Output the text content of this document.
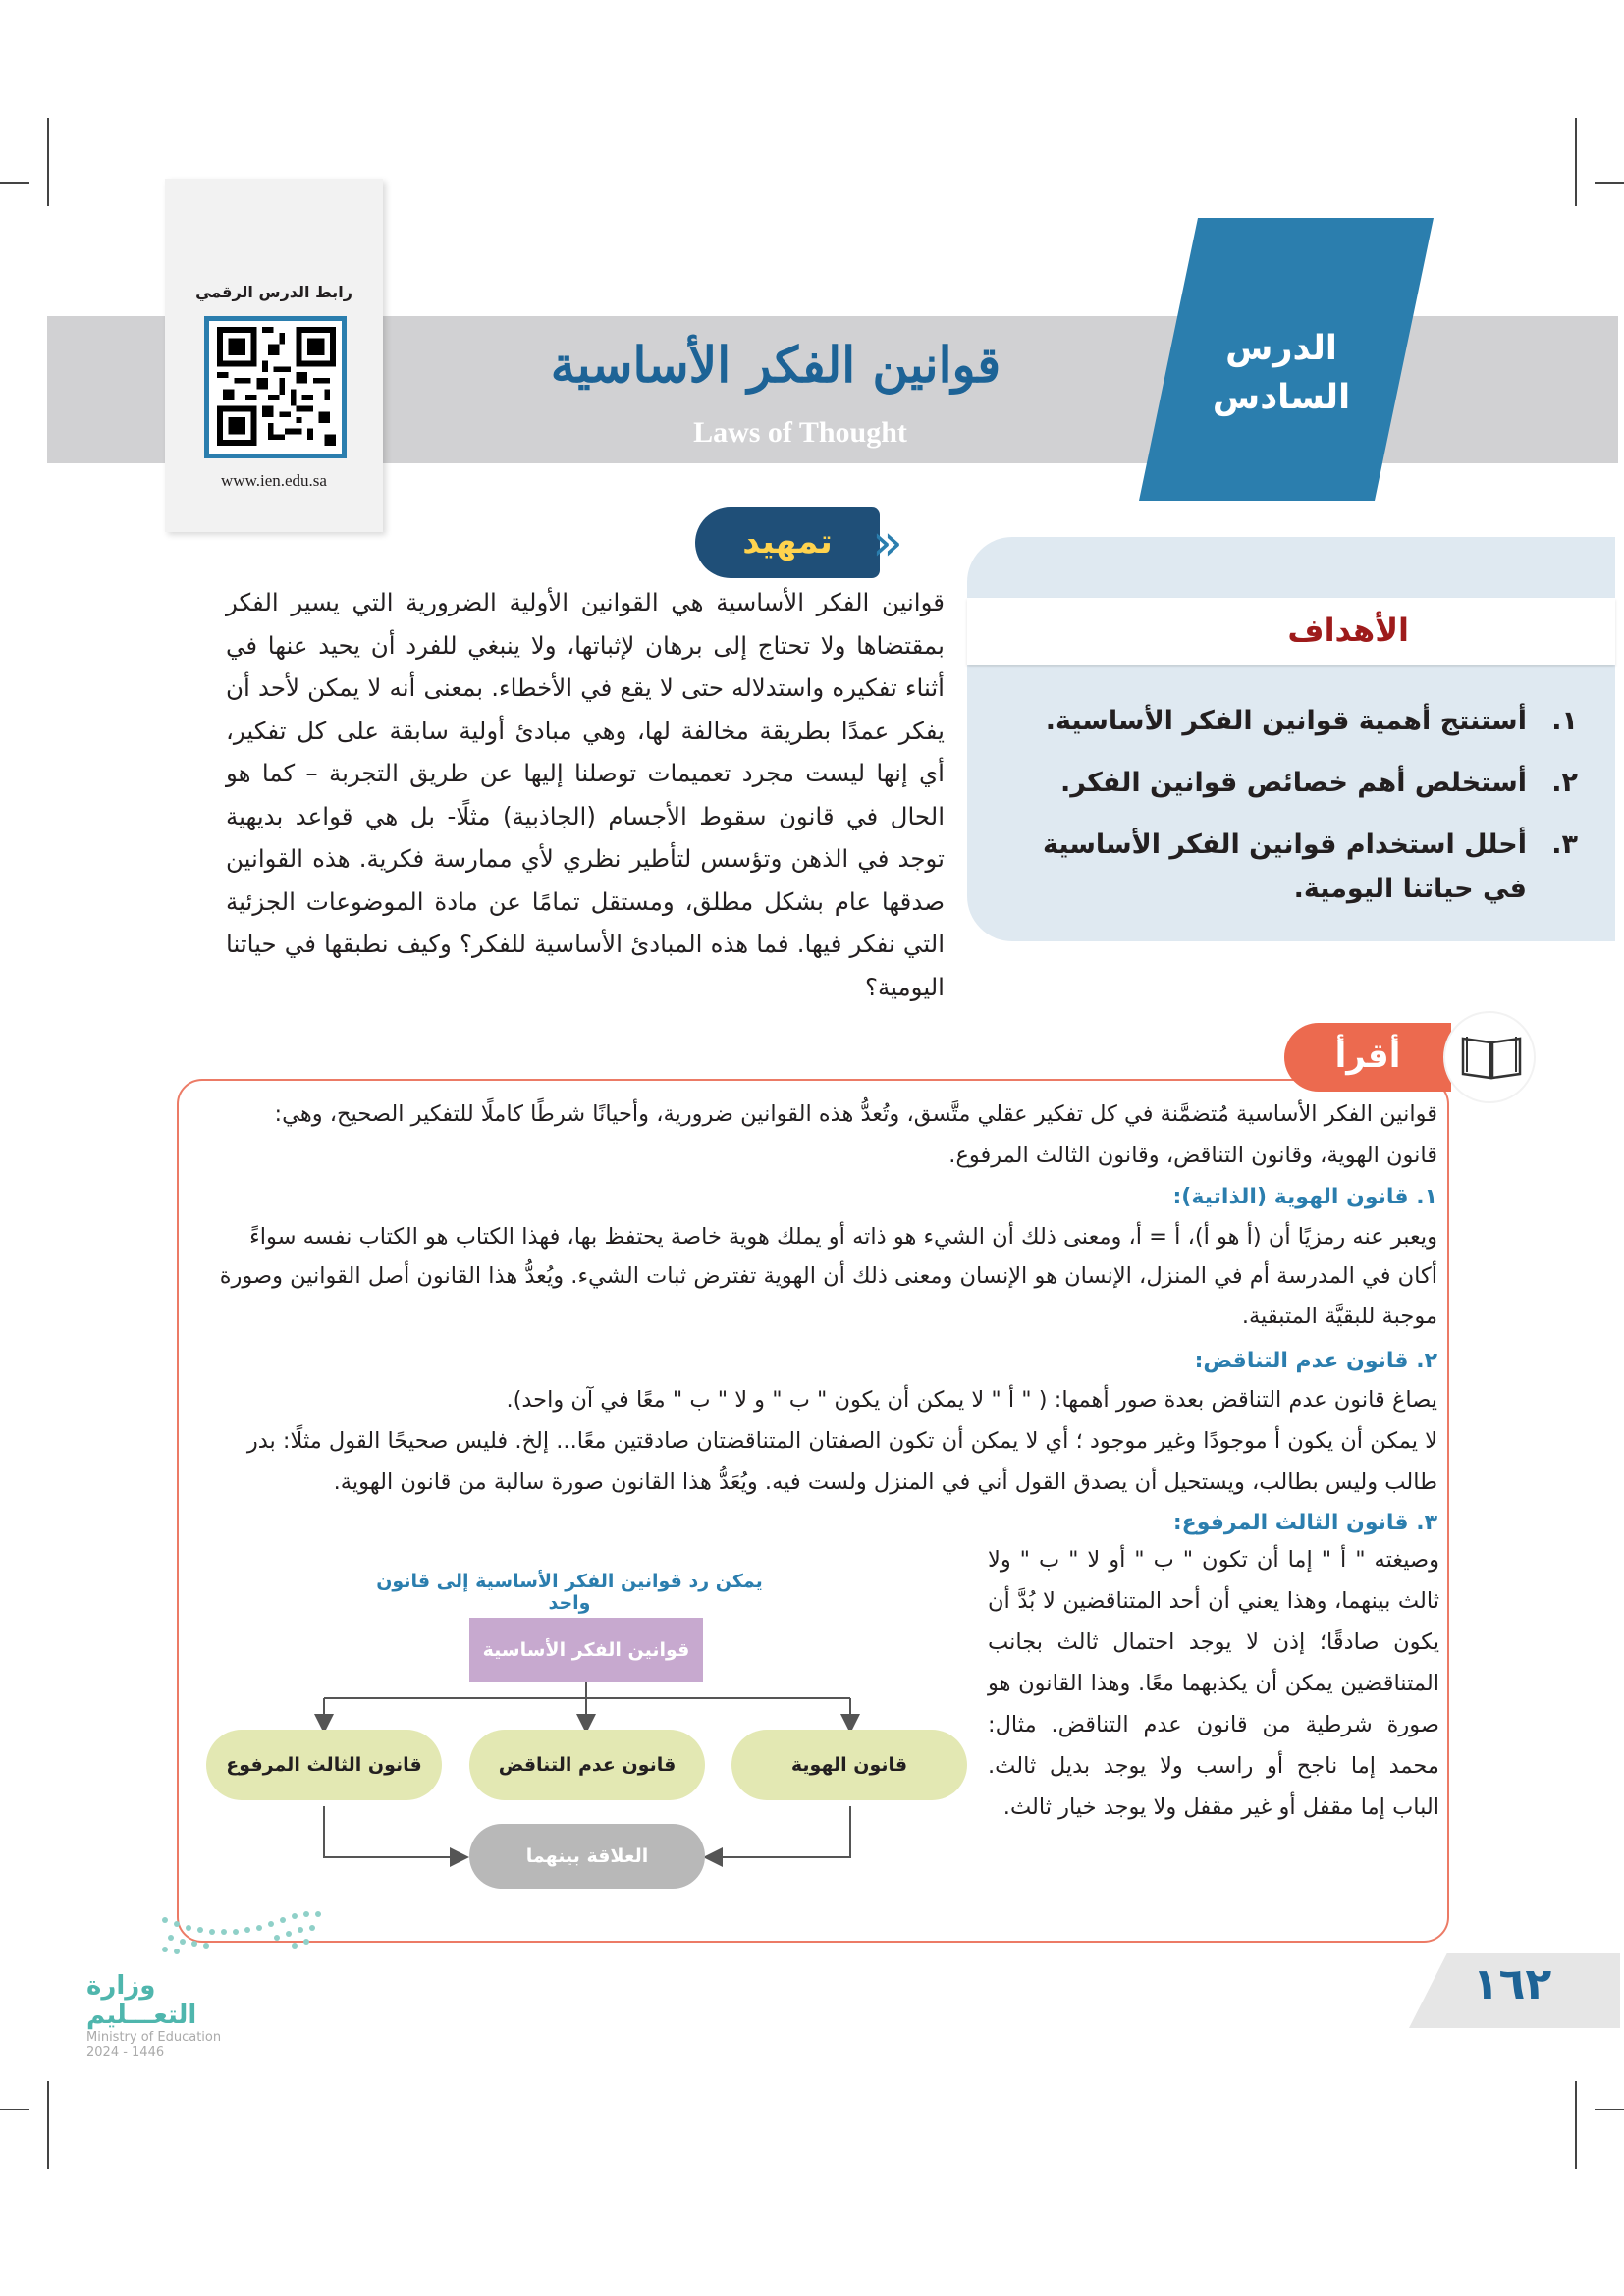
الدرس
السادس
قوانين الفكر الأساسية
Laws of Thought
رابط الدرس الرقمي
www.ien.edu.sa
تمهيد «

قوانين الفكر الأساسية هي القوانين الأولية الضرورية التي يسير الفكر بمقتضاها ولا تحتاج إلى برهان لإثباتها، ولا ينبغي للفرد أن يحيد عنها في أثناء تفكيره واستدلاله حتى لا يقع في الأخطاء. بمعنى أنه لا يمكن لأحد أن يفكر عمدًا بطريقة مخالفة لها، وهي مبادئ أولية سابقة على كل تفكير، أي إنها ليست مجرد تعميمات توصلنا إليها عن طريق التجربة – كما هو الحال في قانون سقوط الأجسام (الجاذبية) مثلًا- بل هي قواعد بديهية توجد في الذهن وتؤسس لتأطير نظري لأي ممارسة فكرية. هذه القوانين صدقها عام بشكل مطلق، ومستقل تمامًا عن مادة الموضوعات الجزئية التي نفكر فيها. فما هذه المبادئ الأساسية للفكر؟ وكيف نطبقها في حياتنا اليومية؟

الأهداف
١.
أستنتج أهمية قوانين الفكر الأساسية.
٢.
أستخلص أهم خصائص قوانين الفكر.
٣.
أحلل استخدام قوانين الفكر الأساسية في حياتنا اليومية.
أقرأ
قوانين الفكر الأساسية مُتضمَّنة في كل تفكير عقلي متَّسق، وتُعدُّ هذه القوانين ضرورية، وأحيانًا شرطًا كاملًا للتفكير الصحيح، وهي:
قانون الهوية، وقانون التناقض، وقانون الثالث المرفوع.
١. قانون الهوية (الذاتية):
ويعبر عنه رمزيًا أن (أ هو أ)، أ = أ، ومعنى ذلك أن الشيء هو ذاته أو يملك هوية خاصة يحتفظ بها، فهذا الكتاب هو الكتاب نفسه سواءً
أكان في المدرسة أم في المنزل، الإنسان هو الإنسان ومعنى ذلك أن الهوية تفترض ثبات الشيء. ويُعدُّ هذا القانون أصل القوانين وصورة
موجبة للبقيَّة المتبقية.
٢. قانون عدم التناقض:
يصاغ قانون عدم التناقض بعدة صور أهمها: ( " أ " لا يمكن أن يكون " ب " و لا " ب " معًا في آن واحد).
لا يمكن أن يكون أ موجودًا وغير موجود ؛ أي لا يمكن أن تكون الصفتان المتناقضتان صادقتين معًا... إلخ. فليس صحيحًا القول مثلًا: بدر
طالب وليس بطالب، ويستحيل أن يصدق القول أني في المنزل ولست فيه. ويُعَدُّ هذا القانون صورة سالبة من قانون الهوية.
٣. قانون الثالث المرفوع:

وصيغته " أ " إما أن تكون " ب " أو لا " ب " ولا ثالث بينهما، وهذا يعني أن أحد المتناقضين لا بُدَّ أن يكون صادقًا؛ إذن لا يوجد احتمال ثالث بجانب المتناقضين يمكن أن يكذبهما معًا. وهذا القانون هو صورة شرطية من قانون عدم التناقض. مثال: محمد إما ناجح أو راسب ولا يوجد بديل ثالث. الباب إما مقفل أو غير مقفل ولا يوجد خيار ثالث.

يمكن رد قوانين الفكر الأساسية إلى قانون واحد
قوانين الفكر الأساسية
قانون الهوية
قانون عدم التناقض
قانون الثالث المرفوع
العلاقة بينهما
وزارة التعـــليم
Ministry of Education
2024 - 1446
١٦٢
